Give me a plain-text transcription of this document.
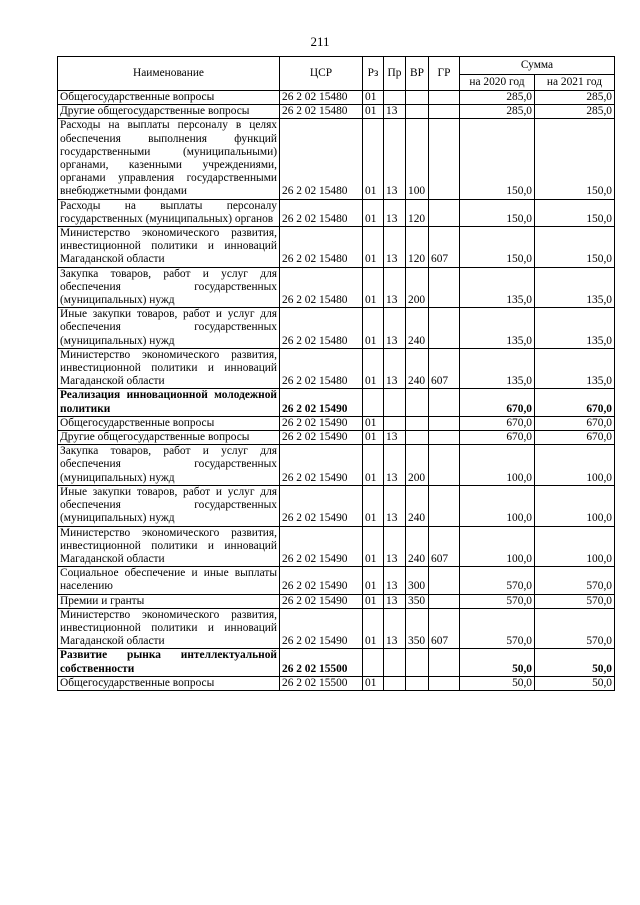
211
Наименование	ЦСР	Рз	Пр	ВР	ГР	Сумма	
						на 2020 год	на 2021 год
Общегосударственные вопросы	26 2 02 15480	01				285,0	285,0
Другие общегосударственные вопросы	26 2 02 15480	01	13			285,0	285,0
Расходы на выплаты персоналу в целях обеспечения выполнения функций государственными (муниципальными) органами, казенными учреждениями, органами управления государственными внебюджетными фондами	26 2 02 15480	01	13	100		150,0	150,0
Расходы на выплаты персоналу государственных (муниципальных) органов	26 2 02 15480	01	13	120		150,0	150,0
Министерство экономического развития, инвестиционной политики и инноваций Магаданской области	26 2 02 15480	01	13	120	607	150,0	150,0
Закупка товаров, работ и услуг для обеспечения государственных (муниципальных) нужд	26 2 02 15480	01	13	200		135,0	135,0
Иные закупки товаров, работ и услуг для обеспечения государственных (муниципальных) нужд	26 2 02 15480	01	13	240		135,0	135,0
Министерство экономического развития, инвестиционной политики и инноваций Магаданской области	26 2 02 15480	01	13	240	607	135,0	135,0
Реализация инновационной молодежной политики	26 2 02 15490					670,0	670,0
Общегосударственные вопросы	26 2 02 15490	01				670,0	670,0
Другие общегосударственные вопросы	26 2 02 15490	01	13			670,0	670,0
Закупка товаров, работ и услуг для обеспечения государственных (муниципальных) нужд	26 2 02 15490	01	13	200		100,0	100,0
Иные закупки товаров, работ и услуг для обеспечения государственных (муниципальных) нужд	26 2 02 15490	01	13	240		100,0	100,0
Министерство экономического развития, инвестиционной политики и инноваций Магаданской области	26 2 02 15490	01	13	240	607	100,0	100,0
Социальное обеспечение и иные выплаты населению	26 2 02 15490	01	13	300		570,0	570,0
Премии и гранты	26 2 02 15490	01	13	350		570,0	570,0
Министерство экономического развития, инвестиционной политики и инноваций Магаданской области	26 2 02 15490	01	13	350	607	570,0	570,0
Развитие рынка интеллектуальной собственности	26 2 02 15500					50,0	50,0
Общегосударственные вопросы	26 2 02 15500	01				50,0	50,0
